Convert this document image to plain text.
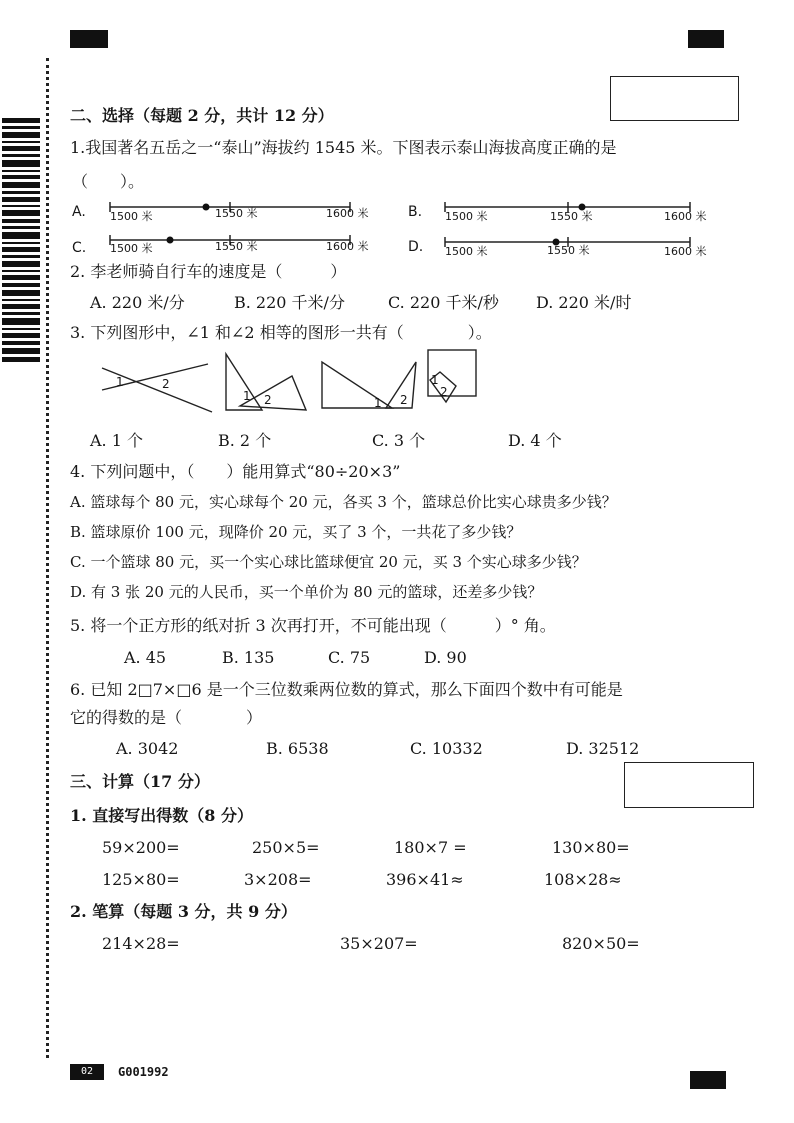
二、选择（每题 2 分，共计 12 分）
1.我国著名五岳之一“泰山”海拔约 1545 米。下图表示泰山海拔高度正确的是
（　　）。
A. 1500 米	1550 米	1600 米	B. 1500 米	1550 米	1600 米
C. 1500 米	1550 米	1600 米	D. 1500 米	1550 米	1600 米
2. 李老师骑自行车的速度是（　　　）
A. 220 米/分	B. 220 千米/分	C. 220 千米/秒 D. 220 米/时
3. 下列图形中，∠1 和∠2 相等的图形一共有（　　　　）。
1	2
1 2	1 2
1
2
A. 1 个	B. 2 个	C. 3 个	D. 4 个
4. 下列问题中，（　　）能用算式“80÷20×3”
A. 篮球每个 80 元，实心球每个 20 元，各买 3 个，篮球总价比实心球贵多少钱？
B. 篮球原价 100 元，现降价 20 元，买了 3 个，一共花了多少钱？
C. 一个篮球 80 元，买一个实心球比篮球便宜 20 元，买 3 个实心球多少钱？
D. 有 3 张 20 元的人民币，买一个单价为 80 元的篮球，还差多少钱？
5. 将一个正方形的纸对折 3 次再打开，不可能出现（　　　）° 角。
A. 45	B. 135	C. 75	D. 90
6. 已知 2□7×□6 是一个三位数乘两位数的算式，那么下面四个数中有可能是
它的得数的是（　　　　）
A. 3042	B. 6538	C. 10332	D. 32512
三、计算（17 分）
1. 直接写出得数（8 分）
59×200=	250×5=	180×7 =	130×80=
125×80=	3×208=	396×41≈	108×28≈
2. 笔算（每题 3 分，共 9 分）
214×28=	35×207=	820×50=
02	G001992
